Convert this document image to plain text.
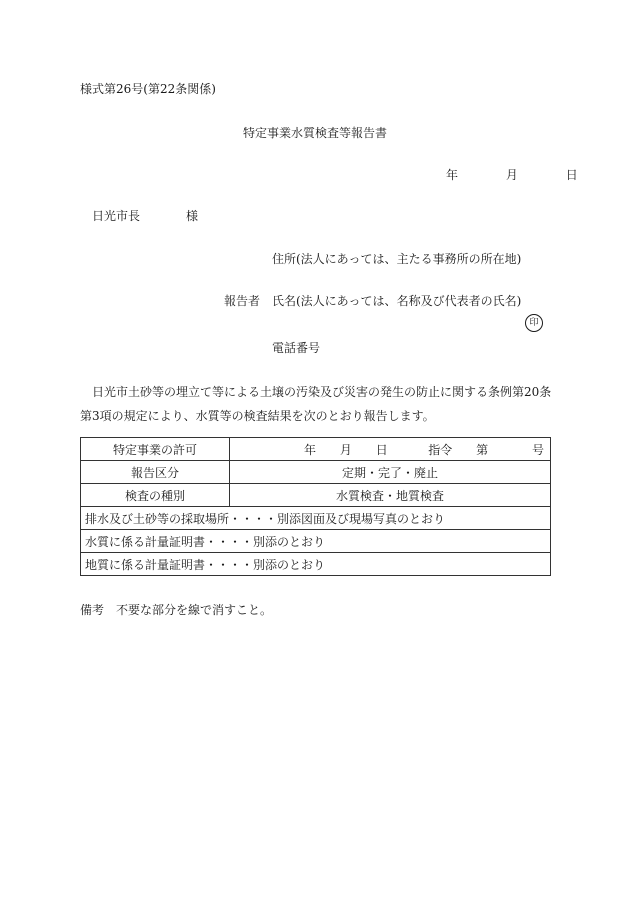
様式第26号(第22条関係)
特定事業水質検査等報告書
年	月	日
日光市長	様
住所(法人にあっては、主たる事務所の所在地)
報告者 氏名(法人にあっては、名称及び代表者の氏名)
印
電話番号
日光市土砂等の埋立て等による土壌の汚染及び災害の発生の防止に関する条例第20条第3項の規定により、水質等の検査結果を次のとおり報告します。
特定事業の許可	年 月 日 指令 第 号

報告区分	定期・完了・廃止
検査の種別	水質検査・地質検査
排水及び土砂等の採取場所・・・・別添図面及び現場写真のとおり	
水質に係る計量証明書・・・・別添のとおり	
地質に係る計量証明書・・・・別添のとおり	
備考　不要な部分を線で消すこと。
